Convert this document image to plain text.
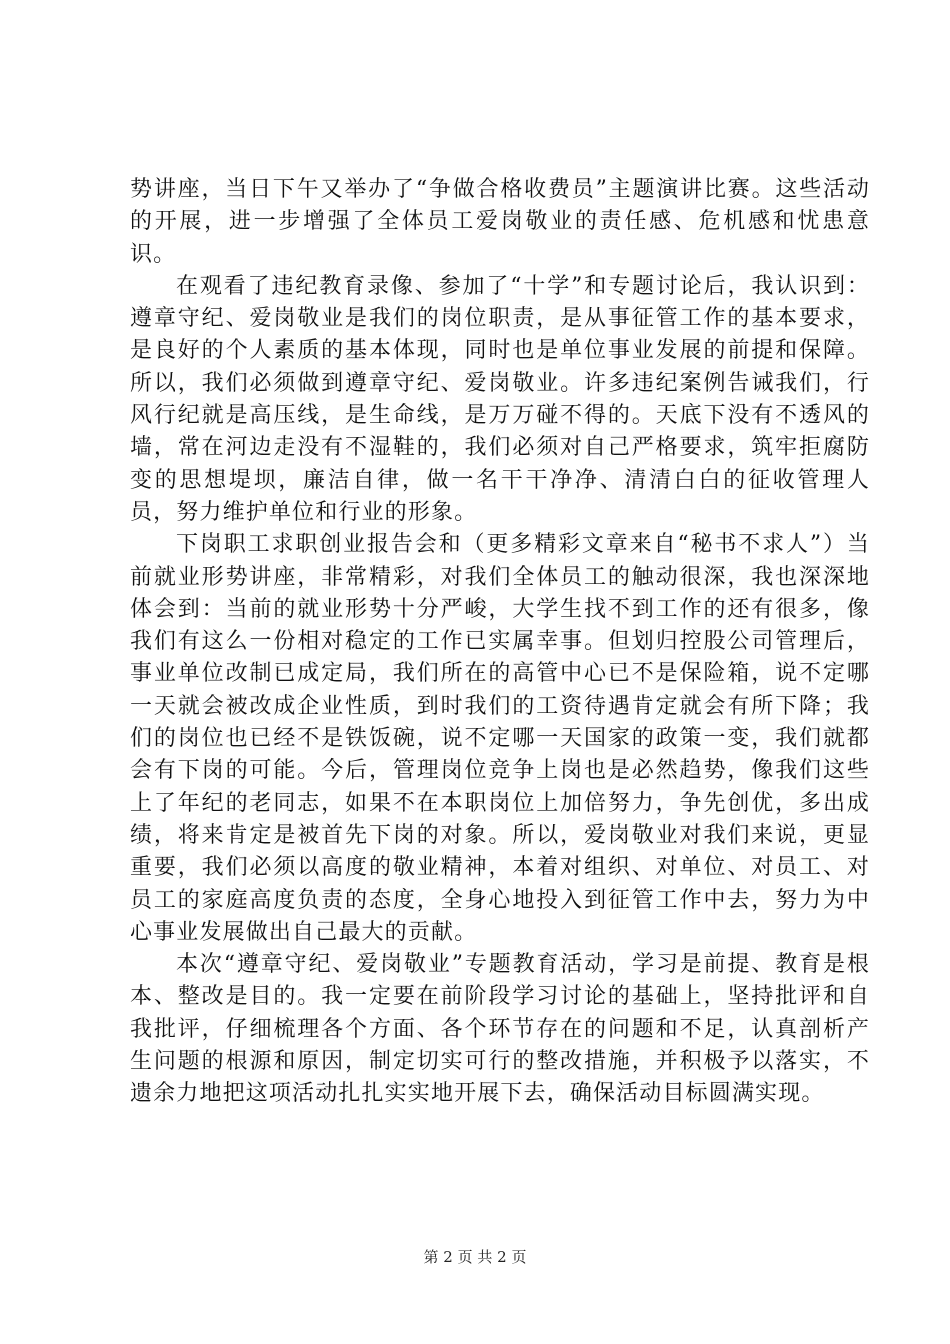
势讲座，当日下午又举办了“争做合格收费员”主题演讲比赛。这些活动的开展，进一步增强了全体员工爱岗敬业的责任感、危机感和忧患意识。

在观看了违纪教育录像、参加了“十学”和专题讨论后，我认识到：遵章守纪、爱岗敬业是我们的岗位职责，是从事征管工作的基本要求，是良好的个人素质的基本体现，同时也是单位事业发展的前提和保障。所以，我们必须做到遵章守纪、爱岗敬业。许多违纪案例告诫我们，行风行纪就是高压线，是生命线，是万万碰不得的。天底下没有不透风的墙，常在河边走没有不湿鞋的，我们必须对自己严格要求，筑牢拒腐防变的思想堤坝，廉洁自律，做一名干干净净、清清白白的征收管理人员，努力维护单位和行业的形象。

下岗职工求职创业报告会和（更多精彩文章来自“秘书不求人”）当前就业形势讲座，非常精彩，对我们全体员工的触动很深，我也深深地体会到：当前的就业形势十分严峻，大学生找不到工作的还有很多，像我们有这么一份相对稳定的工作已实属幸事。但划归控股公司管理后，事业单位改制已成定局，我们所在的高管中心已不是保险箱，说不定哪一天就会被改成企业性质，到时我们的工资待遇肯定就会有所下降；我们的岗位也已经不是铁饭碗，说不定哪一天国家的政策一变，我们就都会有下岗的可能。今后，管理岗位竞争上岗也是必然趋势，像我们这些上了年纪的老同志，如果不在本职岗位上加倍努力，争先创优，多出成绩，将来肯定是被首先下岗的对象。所以，爱岗敬业对我们来说，更显重要，我们必须以高度的敬业精神，本着对组织、对单位、对员工、对员工的家庭高度负责的态度，全身心地投入到征管工作中去，努力为中心事业发展做出自己最大的贡献。

本次“遵章守纪、爱岗敬业”专题教育活动，学习是前提、教育是根本、整改是目的。我一定要在前阶段学习讨论的基础上，坚持批评和自我批评，仔细梳理各个方面、各个环节存在的问题和不足，认真剖析产生问题的根源和原因，制定切实可行的整改措施，并积极予以落实，不遗余力地把这项活动扎扎实实地开展下去，确保活动目标圆满实现。

第 2 页 共 2 页
